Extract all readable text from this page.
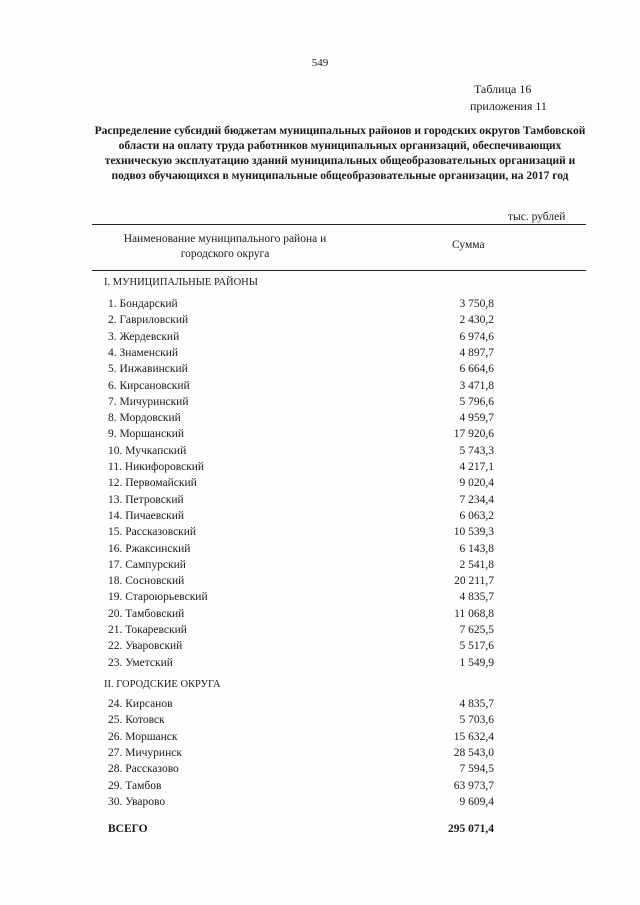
549
Таблица 16
приложения 11
Распределение субсидий бюджетам муниципальных районов и городских округов Тамбовской области на оплату труда работников муниципальных организаций, обеспечивающих техническую эксплуатацию зданий муниципальных общеобразовательных организаций и подвоз обучающихся в муниципальные общеобразовательные организации, на 2017 год
тыс. рублей
Наименование муниципального района и городского округа
Сумма
I. МУНИЦИПАЛЬНЫЕ РАЙОНЫ
II. ГОРОДСКИЕ ОКРУГА
1. Бондарский	3 750,8
2. Гавриловский	2 430,2
3. Жердевский	6 974,6
4. Знаменский	4 897,7
5. Инжавинский	6 664,6
6. Кирсановский	3 471,8
7. Мичуринский	5 796,6
8. Мордовский	4 959,7
9. Моршанский	17 920,6
10. Мучкапский	5 743,3
11. Никифоровский	4 217,1
12. Первомайский	9 020,4
13. Петровский	7 234,4
14. Пичаевский	6 063,2
15. Рассказовский	10 539,3
16. Ржаксинский	6 143,8
17. Сампурский	2 541,8
18. Сосновский	20 211,7
19. Староюрьевский	4 835,7
20. Тамбовский	11 068,8
21. Токаревский	7 625,5
22. Уваровский	5 517,6
23. Уметский	1 549,9
24. Кирсанов	4 835,7
25. Котовск	5 703,6
26. Моршанск	15 632,4
27. Мичуринск	28 543,0
28. Рассказово	7 594,5
29. Тамбов	63 973,7
30. Уварово	9 609,4
ВСЕГО	295 071,4
